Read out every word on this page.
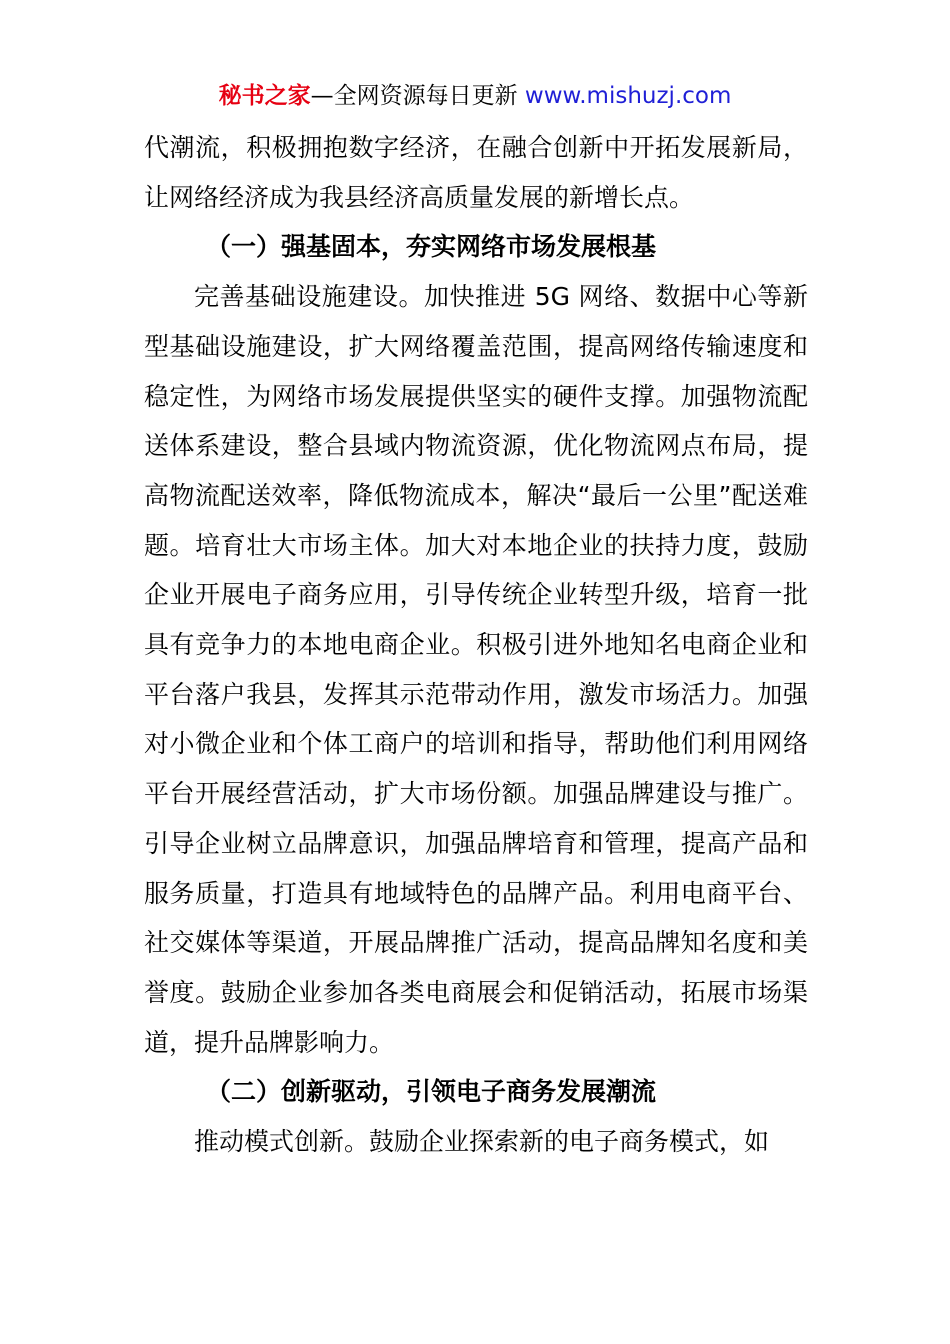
秘书之家—全网资源每日更新 www.mishuzj.com

代潮流，积极拥抱数字经济，在融合创新中开拓发展新局，让网络经济成为我县经济高质量发展的新增长点。

（一）强基固本，夯实网络市场发展根基

完善基础设施建设。加快推进 5G 网络、数据中心等新型基础设施建设，扩大网络覆盖范围，提高网络传输速度和稳定性，为网络市场发展提供坚实的硬件支撑。加强物流配送体系建设，整合县域内物流资源，优化物流网点布局，提高物流配送效率，降低物流成本，解决“最后一公里”配送难题。培育壮大市场主体。加大对本地企业的扶持力度，鼓励企业开展电子商务应用，引导传统企业转型升级，培育一批具有竞争力的本地电商企业。积极引进外地知名电商企业和平台落户我县，发挥其示范带动作用，激发市场活力。加强对小微企业和个体工商户的培训和指导，帮助他们利用网络平台开展经营活动，扩大市场份额。加强品牌建设与推广。引导企业树立品牌意识，加强品牌培育和管理，提高产品和服务质量，打造具有地域特色的品牌产品。利用电商平台、社交媒体等渠道，开展品牌推广活动，提高品牌知名度和美誉度。鼓励企业参加各类电商展会和促销活动，拓展市场渠道，提升品牌影响力。

（二）创新驱动，引领电子商务发展潮流

推动模式创新。鼓励企业探索新的电子商务模式，如
